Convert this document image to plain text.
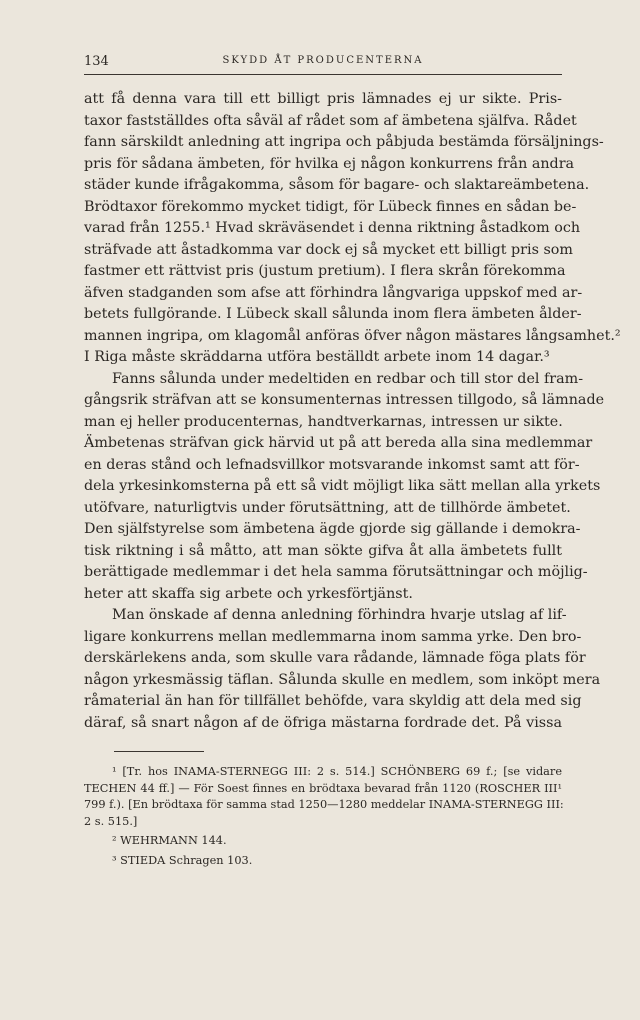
134	SKYDD ÅT PRODUCENTERNA
att få denna vara till ett billigt pris lämnades ej ur sikte. Pris-
taxor fastställdes ofta såväl af rådet som af ämbetena själfva. Rådet
fann särskildt anledning att ingripa och påbjuda bestämda försäljnings-
pris för sådana ämbeten, för hvilka ej någon konkurrens från andra
städer kunde ifrågakomma, såsom för bagare- och slaktareämbetena.
Brödtaxor förekommo mycket tidigt, för Lübeck finnes en sådan be-
varad från 1255.¹ Hvad skräväsendet i denna riktning åstadkom och
sträfvade att åstadkomma var dock ej så mycket ett billigt pris som
fastmer ett rättvist pris (justum pretium). I flera skrån förekomma
äfven stadganden som afse att förhindra långvariga uppskof med ar-
betets fullgörande. I Lübeck skall sålunda inom flera ämbeten ålder-
mannen ingripa, om klagomål anföras öfver någon mästares långsamhet.²
I Riga måste skräddarna utföra beställdt arbete inom 14 dagar.³
Fanns sålunda under medeltiden en redbar och till stor del fram-
gångsrik sträfvan att se konsumenternas intressen tillgodo, så lämnade
man ej heller producenternas, handtverkarnas, intressen ur sikte.
Ämbetenas sträfvan gick härvid ut på att bereda alla sina medlemmar
en deras stånd och lefnadsvillkor motsvarande inkomst samt att för-
dela yrkesinkomsterna på ett så vidt möjligt lika sätt mellan alla yrkets
utöfvare, naturligtvis under förutsättning, att de tillhörde ämbetet.
Den själfstyrelse som ämbetena ägde gjorde sig gällande i demokra-
tisk riktning i så måtto, att man sökte gifva åt alla ämbetets fullt
berättigade medlemmar i det hela samma förutsättningar och möjlig-
heter att skaffa sig arbete och yrkesförtjänst.
Man önskade af denna anledning förhindra hvarje utslag af lif-
ligare konkurrens mellan medlemmarna inom samma yrke. Den bro-
derskärlekens anda, som skulle vara rådande, lämnade föga plats för
någon yrkesmässig täflan. Sålunda skulle en medlem, som inköpt mera
råmaterial än han för tillfället behöfde, vara skyldig att dela med sig
däraf, så snart någon af de öfriga mästarna fordrade det. På vissa
¹ [Tr. hos INAMA-STERNEGG III: 2 s. 514.] SCHÖNBERG 69 f.; [se vidare
TECHEN 44 ff.] — För Soest finnes en brödtaxa bevarad från 1120 (ROSCHER III¹
799 f.). [En brödtaxa för samma stad 1250—1280 meddelar INAMA-STERNEGG III:
2 s. 515.]
² WEHRMANN 144.
³ STIEDA Schragen 103.
